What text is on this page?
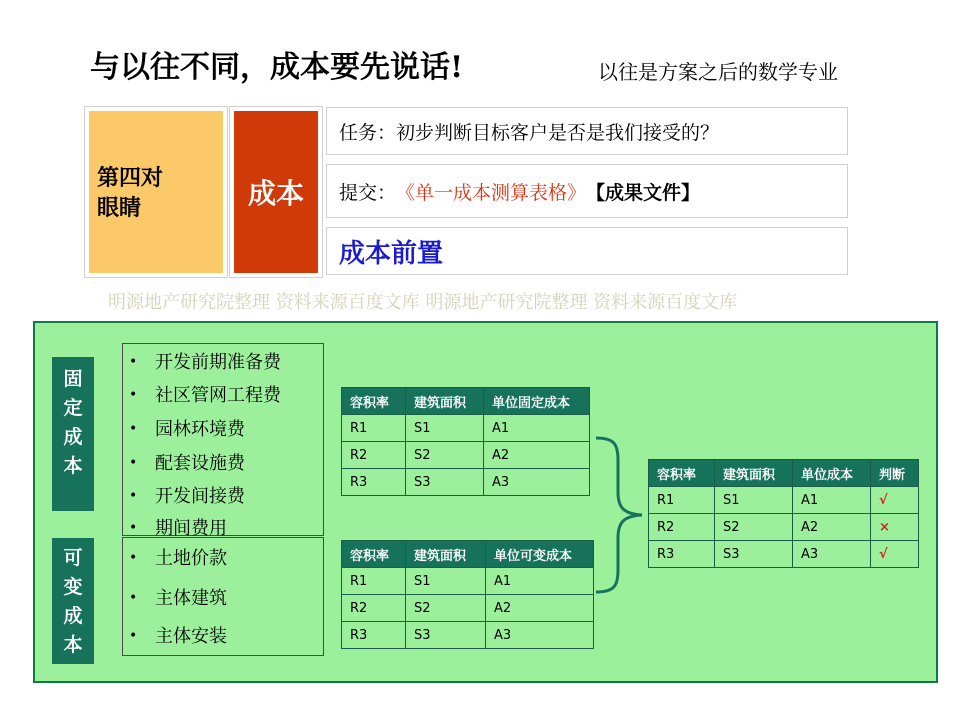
与以往不同，成本要先说话!	以往是方案之后的数学专业
第四对
眼睛	成本
任务： 初步判断目标客户是否是我们接受的？
提交： 《单一成本测算表格》 【成果文件】
成本前置
明源地产研究院整理 资料来源百度文库 明源地产研究院整理 资料来源百度文库
固
定
成
本
可
变
成
本
• 开发前期准备费
• 社区管网工程费
• 园林环境费
• 配套设施费
• 开发间接费
• 期间费用
• 土地价款
• 主体建筑
• 主体安装
容积率	建筑面积	单位固定成本
R1	S1	A1
R2	S2	A2
R3	S3	A3
容积率	建筑面积	单位可变成本
R1	S1	A1
R2	S2	A2
R3	S3	A3
容积率	建筑面积	单位成本	判断
R1	S1	A1	√
R2	S2	A2	×
R3	S3	A3	√
